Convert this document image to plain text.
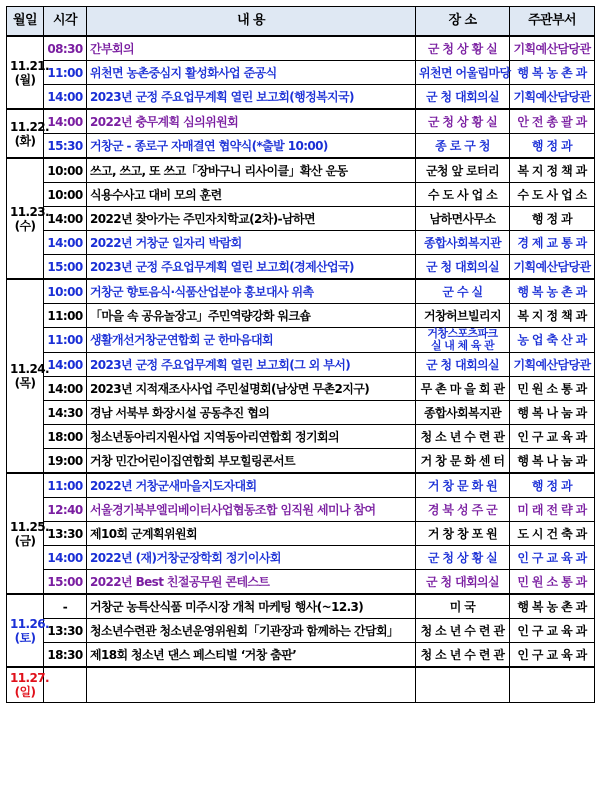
월일	시각	내 용	장 소	주관부서

11.21.
(월)	08:30	간부회의	군 청 상 황 실	기획예산담당관
	11:00	위천면 농촌중심지 활성화사업 준공식	위천면 어울림마당	행 복 농 촌 과
	14:00	2023년 군정 주요업무계획 열린 보고회(행정복지국)	군 청 대회의실	기획예산담당관

11.22.
(화)	14:00	2022년 충무계획 심의위원회	군 청 상 황 실	안 전 총 괄 과
	15:30	거창군 - 종로구 자매결연 협약식(*출발 10:00)	종 로 구 청	행 정 과

11.23.
(수)	10:00	쓰고, 쓰고, 또 쓰고「장바구니 리사이클」확산 운동	군청 앞 로터리	복 지 정 책 과
	10:00	식용수사고 대비 모의 훈련	수 도 사 업 소	수 도 사 업 소
	14:00	2022년 찾아가는 주민자치학교(2차)-남하면	남하면사무소	행 정 과
	14:00	2022년 거창군 일자리 박람회	종합사회복지관	경 제 교 통 과
	15:00	2023년 군정 주요업무계획 열린 보고회(경제산업국)	군 청 대회의실	기획예산담당관

11.24.
(목)	10:00	거창군 향토음식·식품산업분야 홍보대사 위촉	군 수 실	행 복 농 촌 과
	11:00	「마을 속 공유놀장고」주민역량강화 워크숍	거창허브빌리지	복 지 정 책 과
	11:00	생활개선거창군연합회 군 한마음대회	거창스포츠파크
실 내 체 육 관	농 업 축 산 과
	14:00	2023년 군정 주요업무계획 열린 보고회(그 외 부서)	군 청 대회의실	기획예산담당관
	14:00	2023년 지적재조사사업 주민설명회(남상면 무촌2지구)	무 촌 마 을 회 관	민 원 소 통 과
	14:30	경남 서북부 화장시설 공동추진 협의	종합사회복지관	행 복 나 눔 과
	18:00	청소년동아리지원사업 지역동아리연합회 정기회의	청 소 년 수 련 관	인 구 교 육 과
	19:00	거창 민간어린이집연합회 부모힐링콘서트	거 창 문 화 센 터	행 복 나 눔 과

11.25.
(금)	11:00	2022년 거창군새마을지도자대회	거 창 문 화 원	행 정 과
	12:40	서울경기북부엘리베이터사업협동조합 임직원 세미나 참여	경 북 성 주 군	미 래 전 략 과
	13:30	제10회 군계획위원회	거 창 창 포 원	도 시 건 축 과
	14:00	2022년 (재)거창군장학회 정기이사회	군 청 상 황 실	인 구 교 육 과
	15:00	2022년 Best 친절공무원 콘테스트	군 청 대회의실	민 원 소 통 과

11.26.
(토)	-	거창군 농특산식품 미주시장 개척 마케팅 행사(~12.3)	미 국	행 복 농 촌 과
	13:30	청소년수련관 청소년운영위원회「기관장과 함께하는 간담회」	청 소 년 수 련 관	인 구 교 육 과
	18:30	제18회 청소년 댄스 페스티벌 ‘거창 춤판’	청 소 년 수 련 관	인 구 교 육 과

11.27.
(일)				
